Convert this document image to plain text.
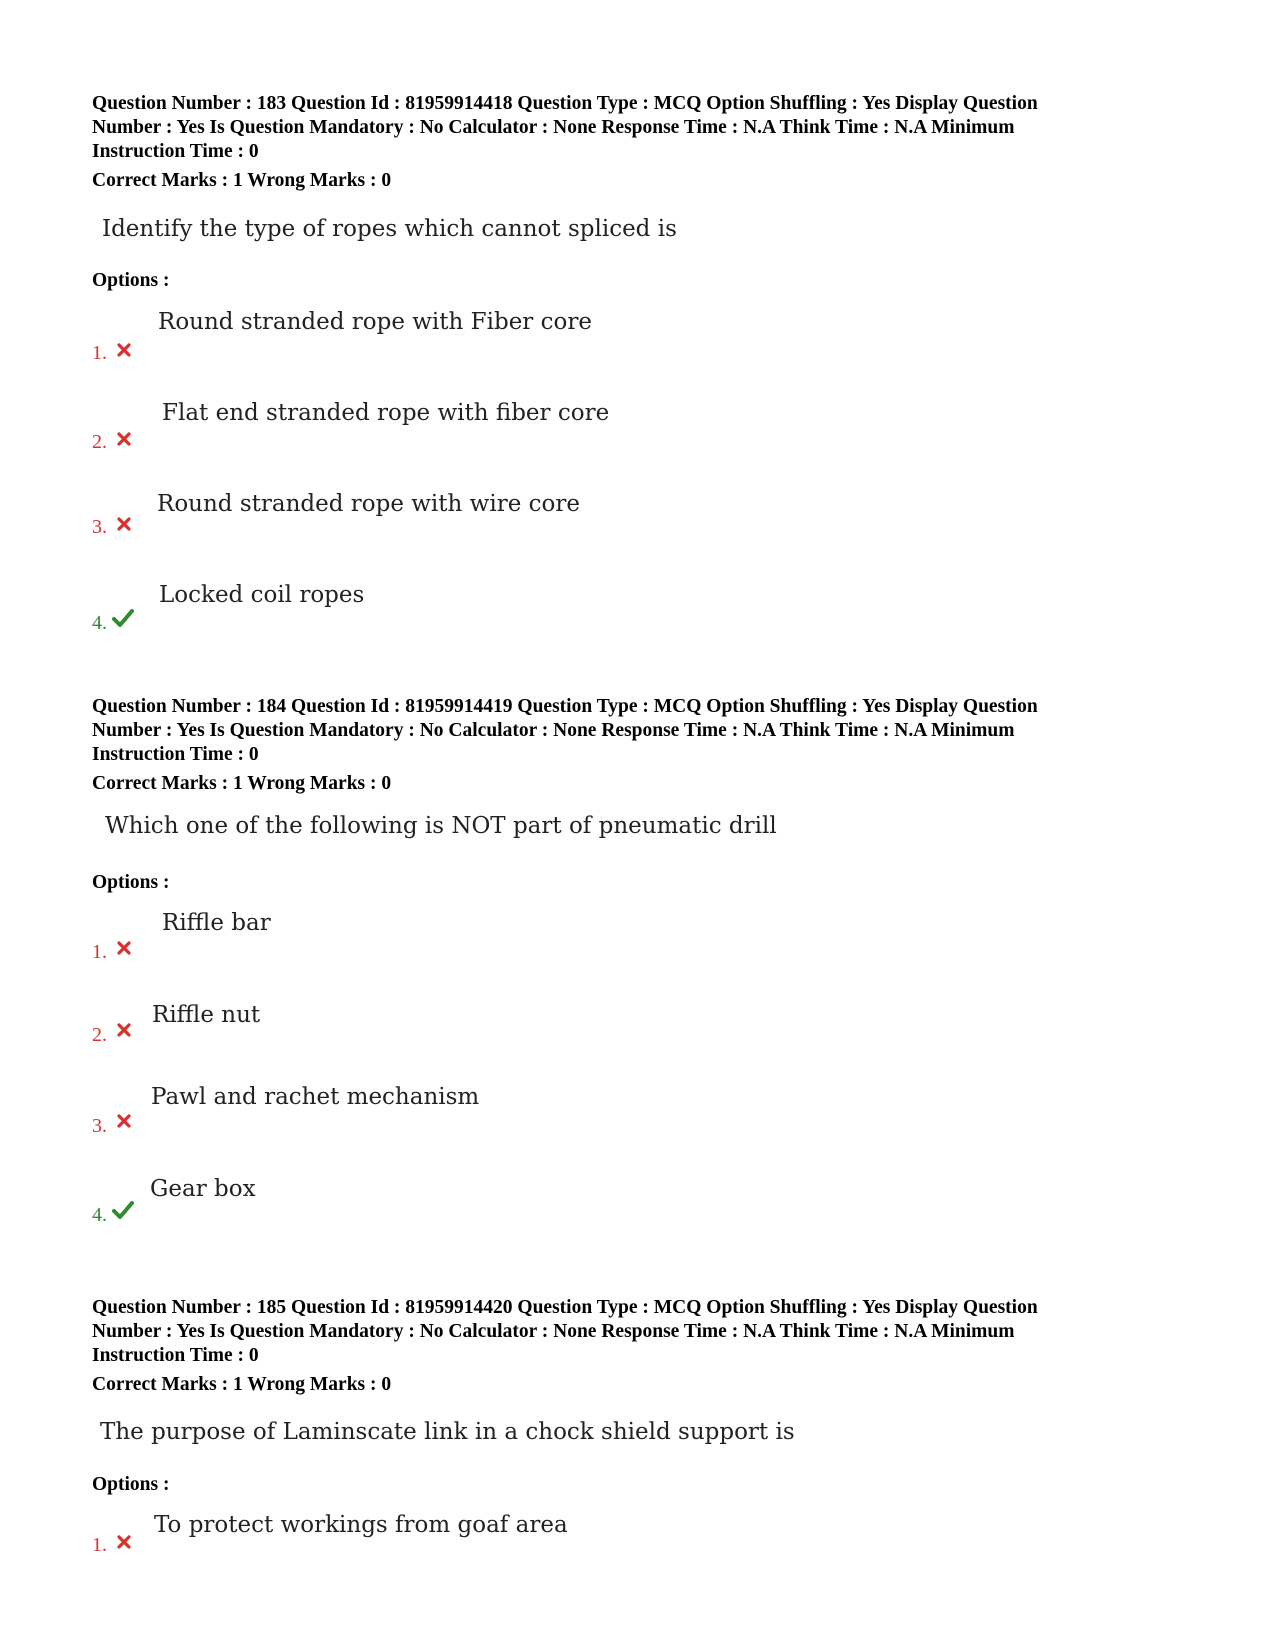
Question Number : 183 Question Id : 81959914418 Question Type : MCQ Option Shuffling : Yes Display Question
Number : Yes Is Question Mandatory : No Calculator : None Response Time : N.A Think Time : N.A Minimum
Instruction Time : 0
Correct Marks : 1 Wrong Marks : 0
Identify the type of ropes which cannot spliced is
Options :
Round stranded rope with Fiber core
1.
Flat end stranded rope with fiber core
2.
Round stranded rope with wire core
3.
Locked coil ropes
4.
Question Number : 184 Question Id : 81959914419 Question Type : MCQ Option Shuffling : Yes Display Question
Number : Yes Is Question Mandatory : No Calculator : None Response Time : N.A Think Time : N.A Minimum
Instruction Time : 0
Correct Marks : 1 Wrong Marks : 0
Which one of the following is NOT part of pneumatic drill
Options :
Riffle bar
1.
Riffle nut
2.
Pawl and rachet mechanism
3.
Gear box
4.
Question Number : 185 Question Id : 81959914420 Question Type : MCQ Option Shuffling : Yes Display Question
Number : Yes Is Question Mandatory : No Calculator : None Response Time : N.A Think Time : N.A Minimum
Instruction Time : 0
Correct Marks : 1 Wrong Marks : 0
The purpose of Laminscate link in a chock shield support is
Options :
To protect workings from goaf area
1.
